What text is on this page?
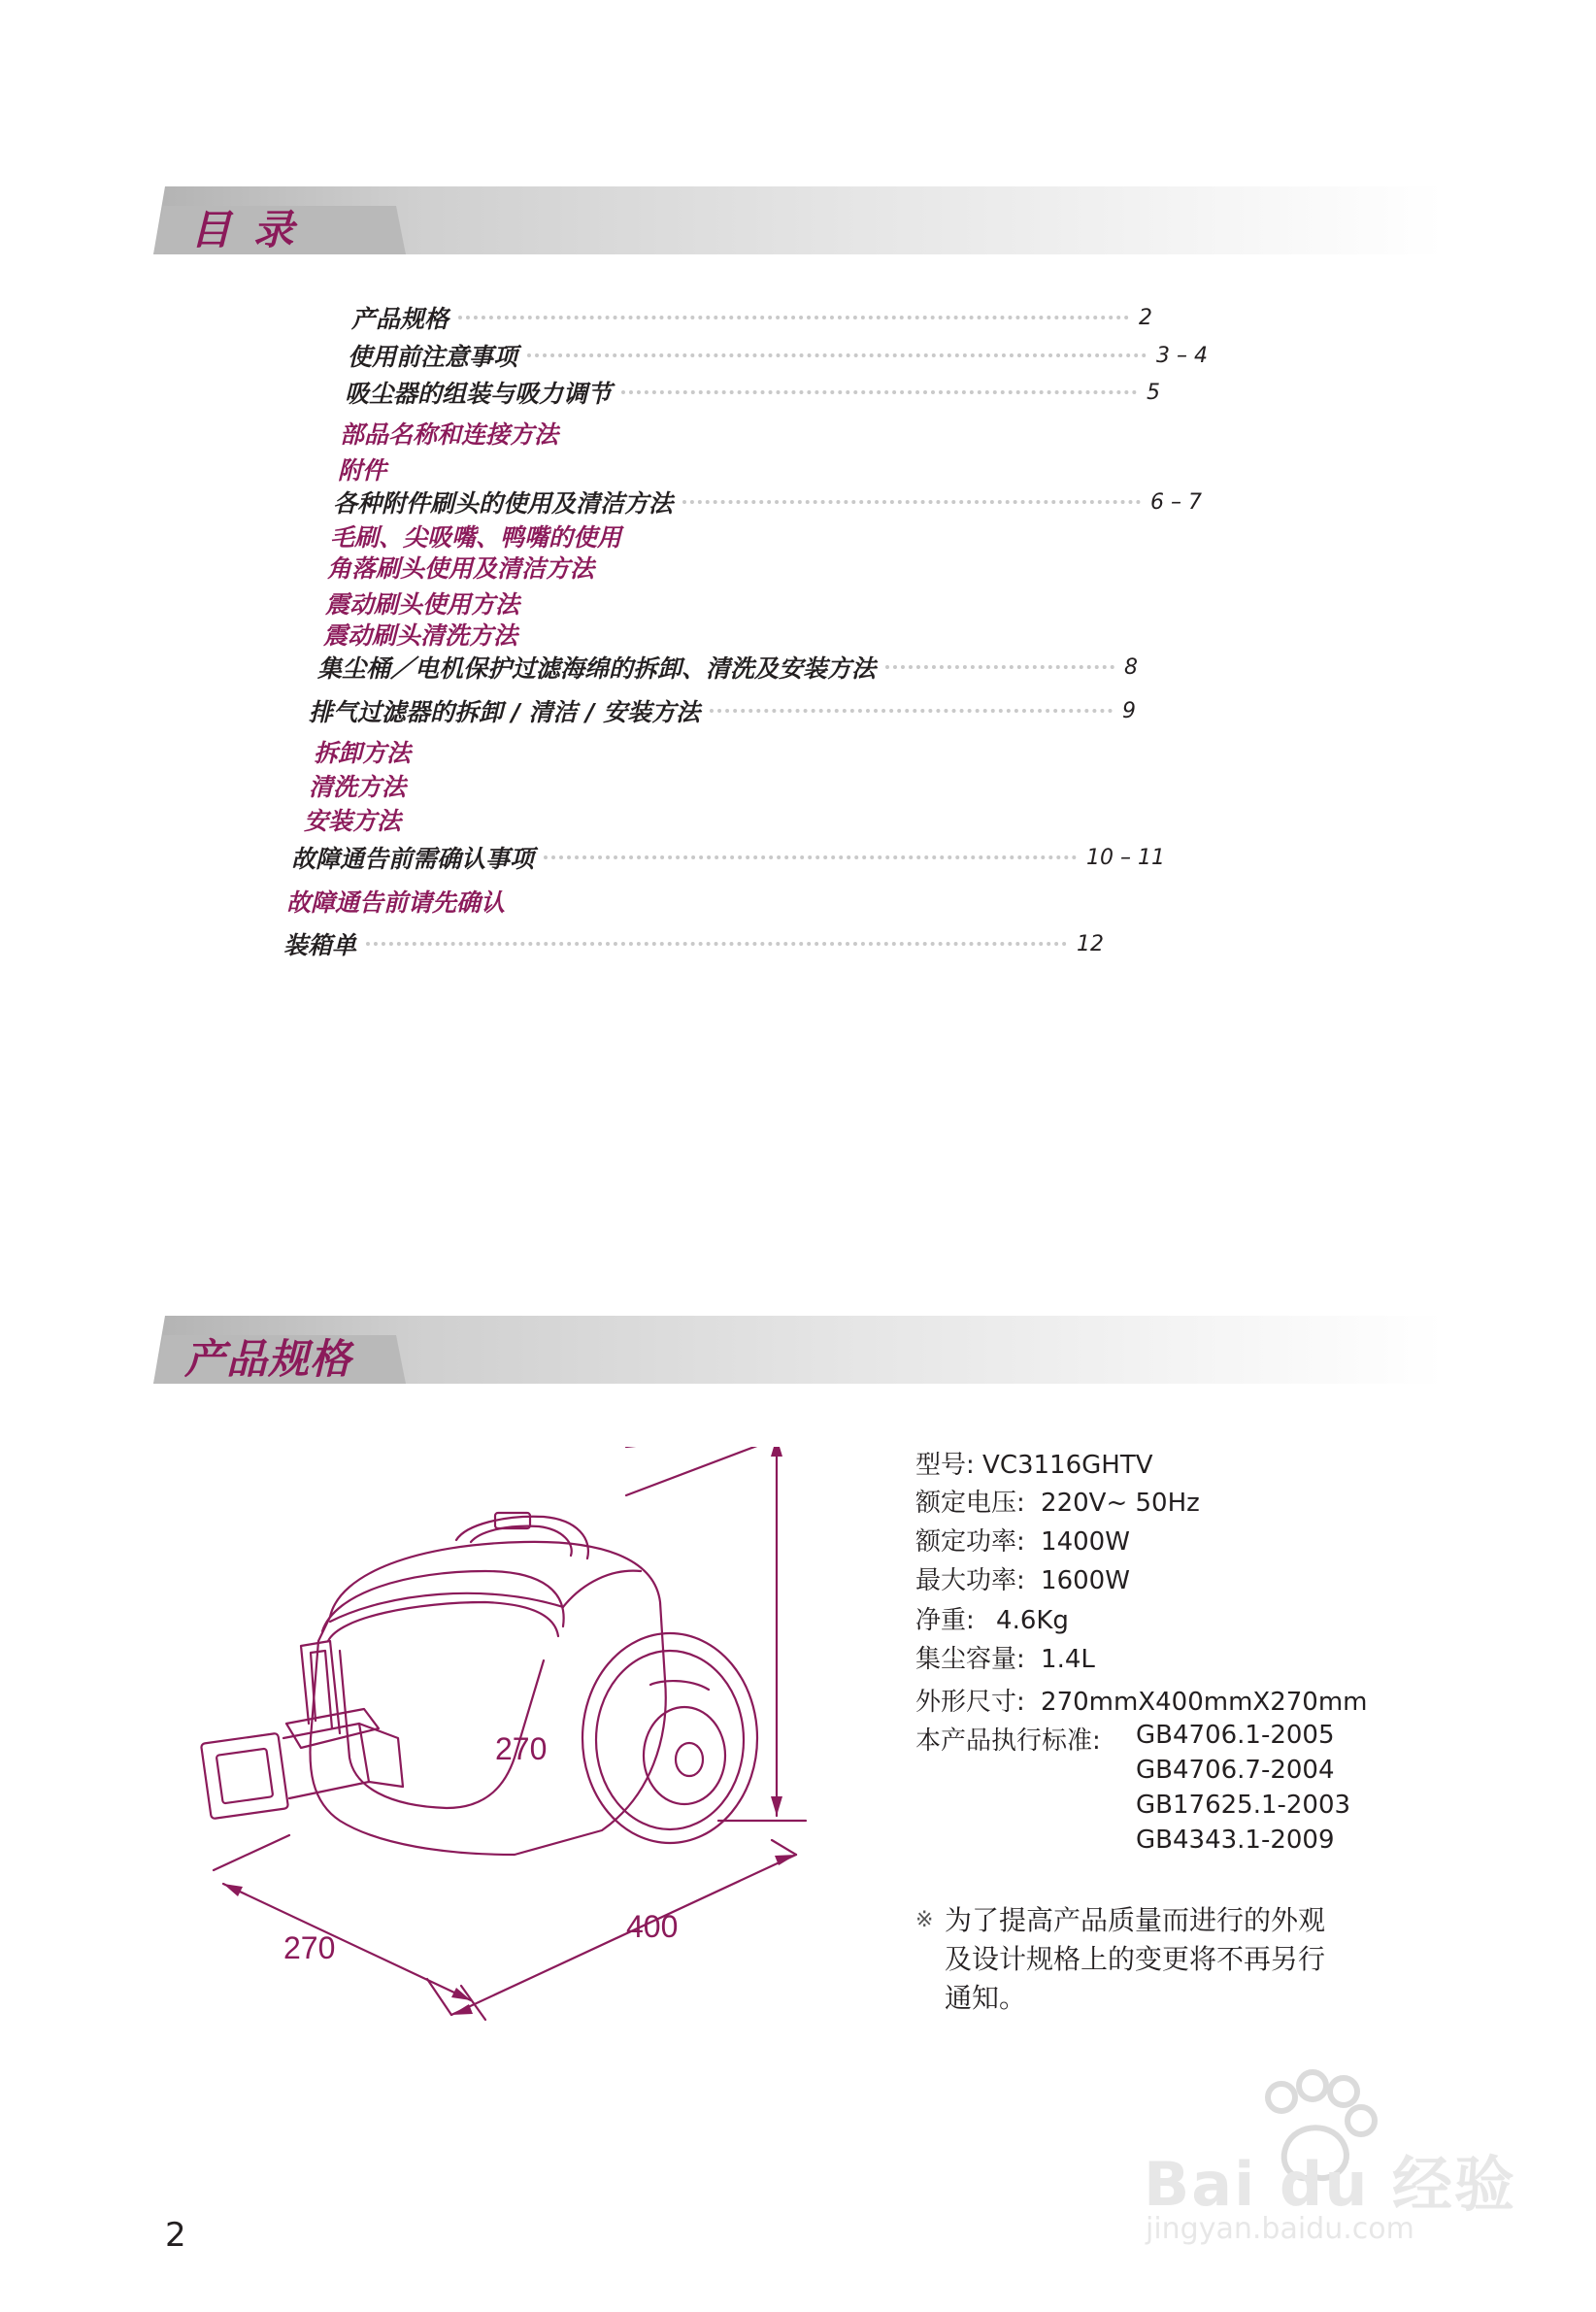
目 录
产品规格	2
使用前注意事项	3 – 4
吸尘器的组装与吸力调节	5
部品名称和连接方法
附件
各种附件刷头的使用及清洁方法	6 – 7
毛刷、尖吸嘴、鸭嘴的使用
角落刷头使用及清洁方法
震动刷头使用方法
震动刷头清洗方法
集尘桶／电机保护过滤海绵的拆卸、清洗及安装方法	8
排气过滤器的拆卸 / 清洁 / 安装方法	9
拆卸方法
清洗方法
安装方法
故障通告前需确认事项	10 – 11
故障通告前请先确认
装箱单	12
产品规格
270
400
270
型号: VC3116GHTV
额定电压: 220V~ 50Hz
额定功率: 1400W
最大功率: 1600W
净重: 4.6Kg
集尘容量: 1.4L
外形尺寸: 270mmX400mmX270mm
本产品执行标准: GB4706.1-2005
GB4706.7-2004
GB17625.1-2003
GB4343.1-2009
※ 为了提高产品质量而进行的外观
及设计规格上的变更将不再另行
通知。
Bai du 经验
jingyan.baidu.com
2
